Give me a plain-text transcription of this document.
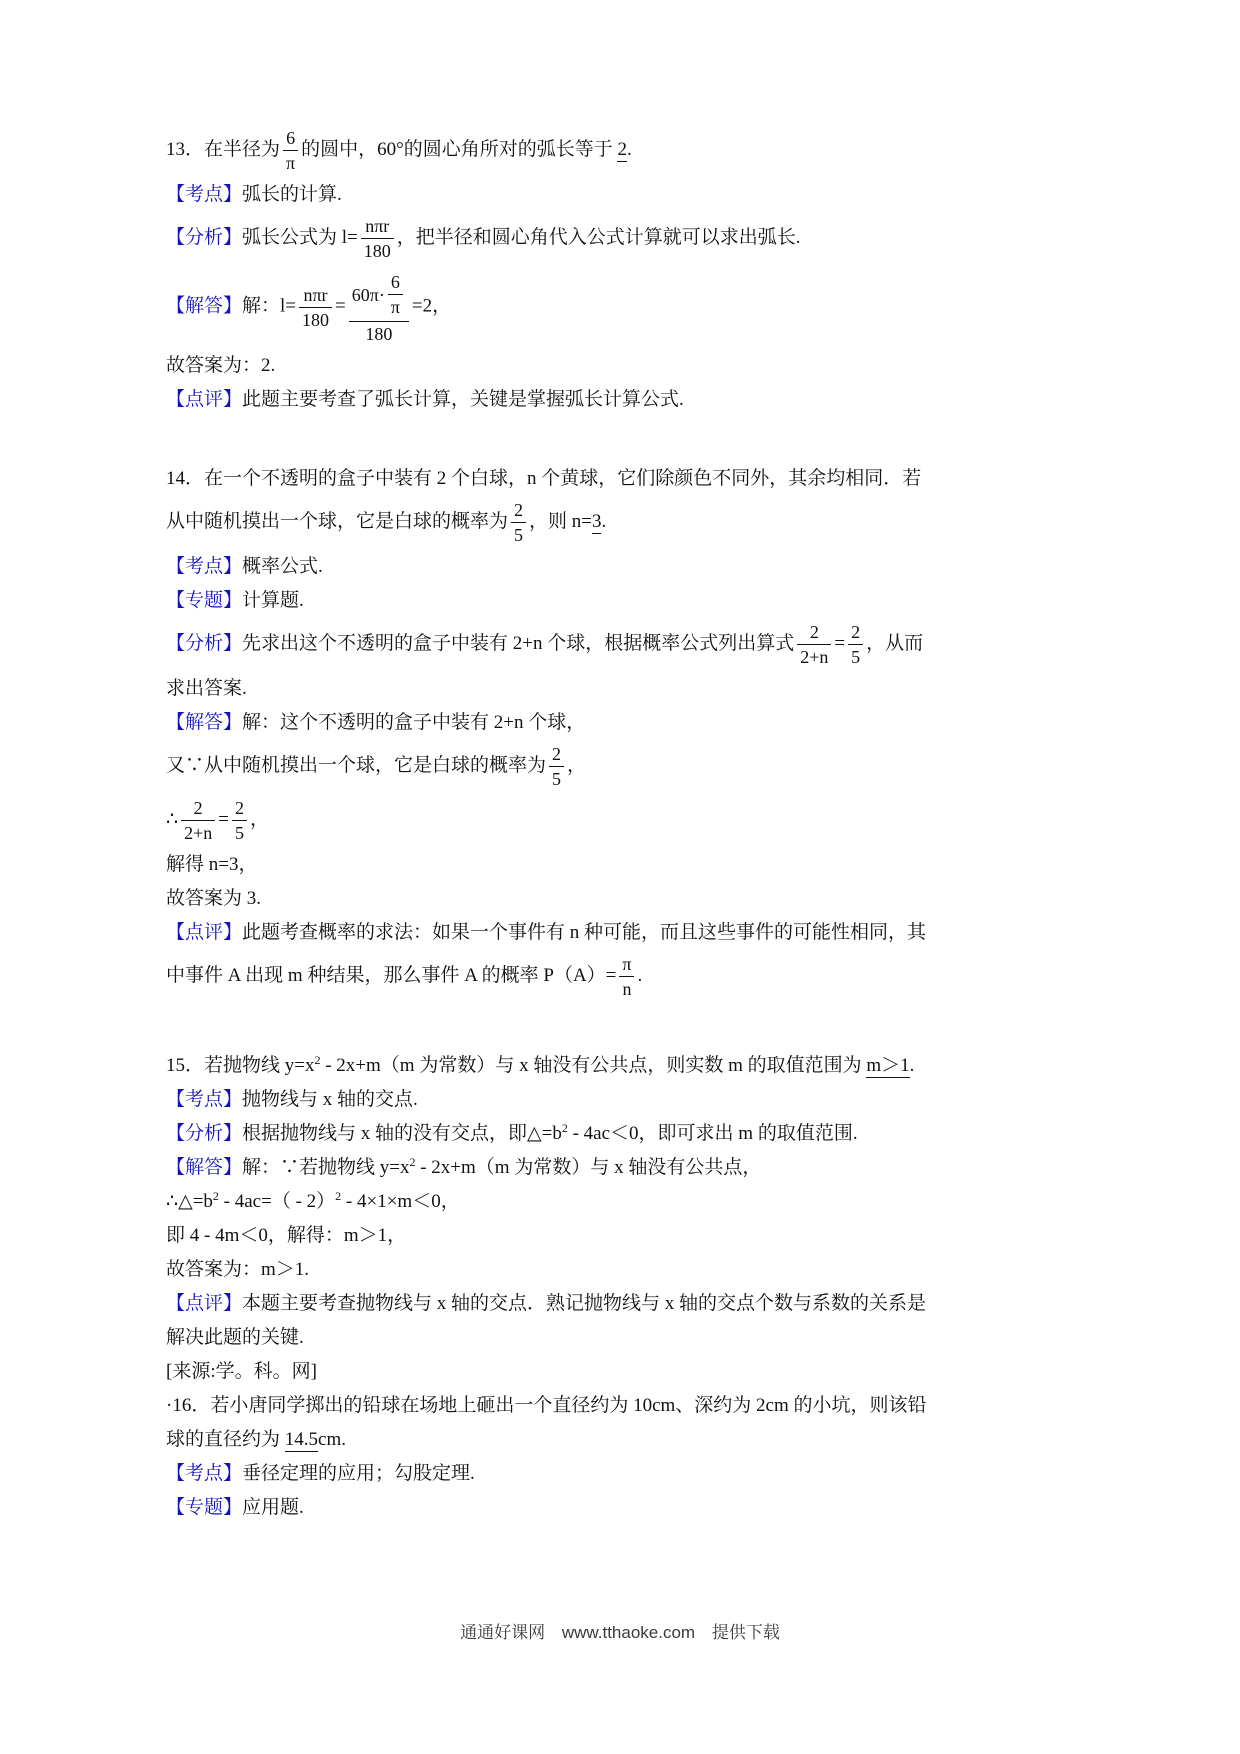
13．在半径为 $\frac{6}{\pi}$ 的圆中，60°的圆心角所对的弧长等于 2.

【考点】弧长的计算.

【分析】弧长公式为 $l= \frac{\text{nπr}}{180}$ ，把半径和圆心角代入公式计算就可以求出弧长.

【解答】解：$l= \frac{\text{nπr}}{180} = \frac{60\pi\cdot \frac{6}{\pi}}{180} =2$，

故答案为：2.

【点评】此题主要考查了弧长计算，关键是掌握弧长计算公式.

14．在一个不透明的盒子中装有 2 个白球，n 个黄球，它们除颜色不同外，其余均相同．若

从中随机摸出一个球，它是白球的概率为 $\frac{2}{5}$ ，则 n=3.

【考点】概率公式.

【专题】计算题.

【分析】先求出这个不透明的盒子中装有 2+n 个球，根据概率公式列出算式 $\frac{2}{2+n} = \frac{2}{5}$ ，从而

求出答案.

【解答】解：这个不透明的盒子中装有 2+n 个球，

又∵从中随机摸出一个球，它是白球的概率为 $\frac{2}{5}$ ，

∴ $\frac{2}{2+n} = \frac{2}{5}$ ，

解得 n=3，

故答案为 3.

【点评】此题考查概率的求法：如果一个事件有 n 种可能，而且这些事件的可能性相同，其

中事件 A 出现 m 种结果，那么事件 A 的概率 $P(A)= \frac{\pi}{n}$ .

15．若抛物线 $y=x^2 - 2x+m(m$ 为常数）与 x 轴没有公共点，则实数 m 的取值范围为 m＞1.

【考点】抛物线与 x 轴的交点.

【分析】根据抛物线与 x 轴的没有交点，即$\triangle=b^2 - 4ac<0$，即可求出 m 的取值范围.

【解答】解：∵若抛物线 $y=x^2 - 2x+m(m$ 为常数）与 x 轴没有公共点，

$\therefore\triangle=b^2 - 4ac=( - 2)^2 - 4\times 1\times m<0$，

即 4 - 4m＜0，解得：m＞1，

故答案为：m＞1.

【点评】本题主要考查抛物线与 x 轴的交点．熟记抛物线与 x 轴的交点个数与系数的关系是

解决此题的关键.

[来源:学。科。网]

·16．若小唐同学掷出的铅球在场地上砸出一个直径约为 10cm、深约为 2cm 的小坑，则该铅

球的直径约为 14.5cm.

【考点】垂径定理的应用；勾股定理.

【专题】应用题.

通通好课网 www.tthaoke.com 提供下载
